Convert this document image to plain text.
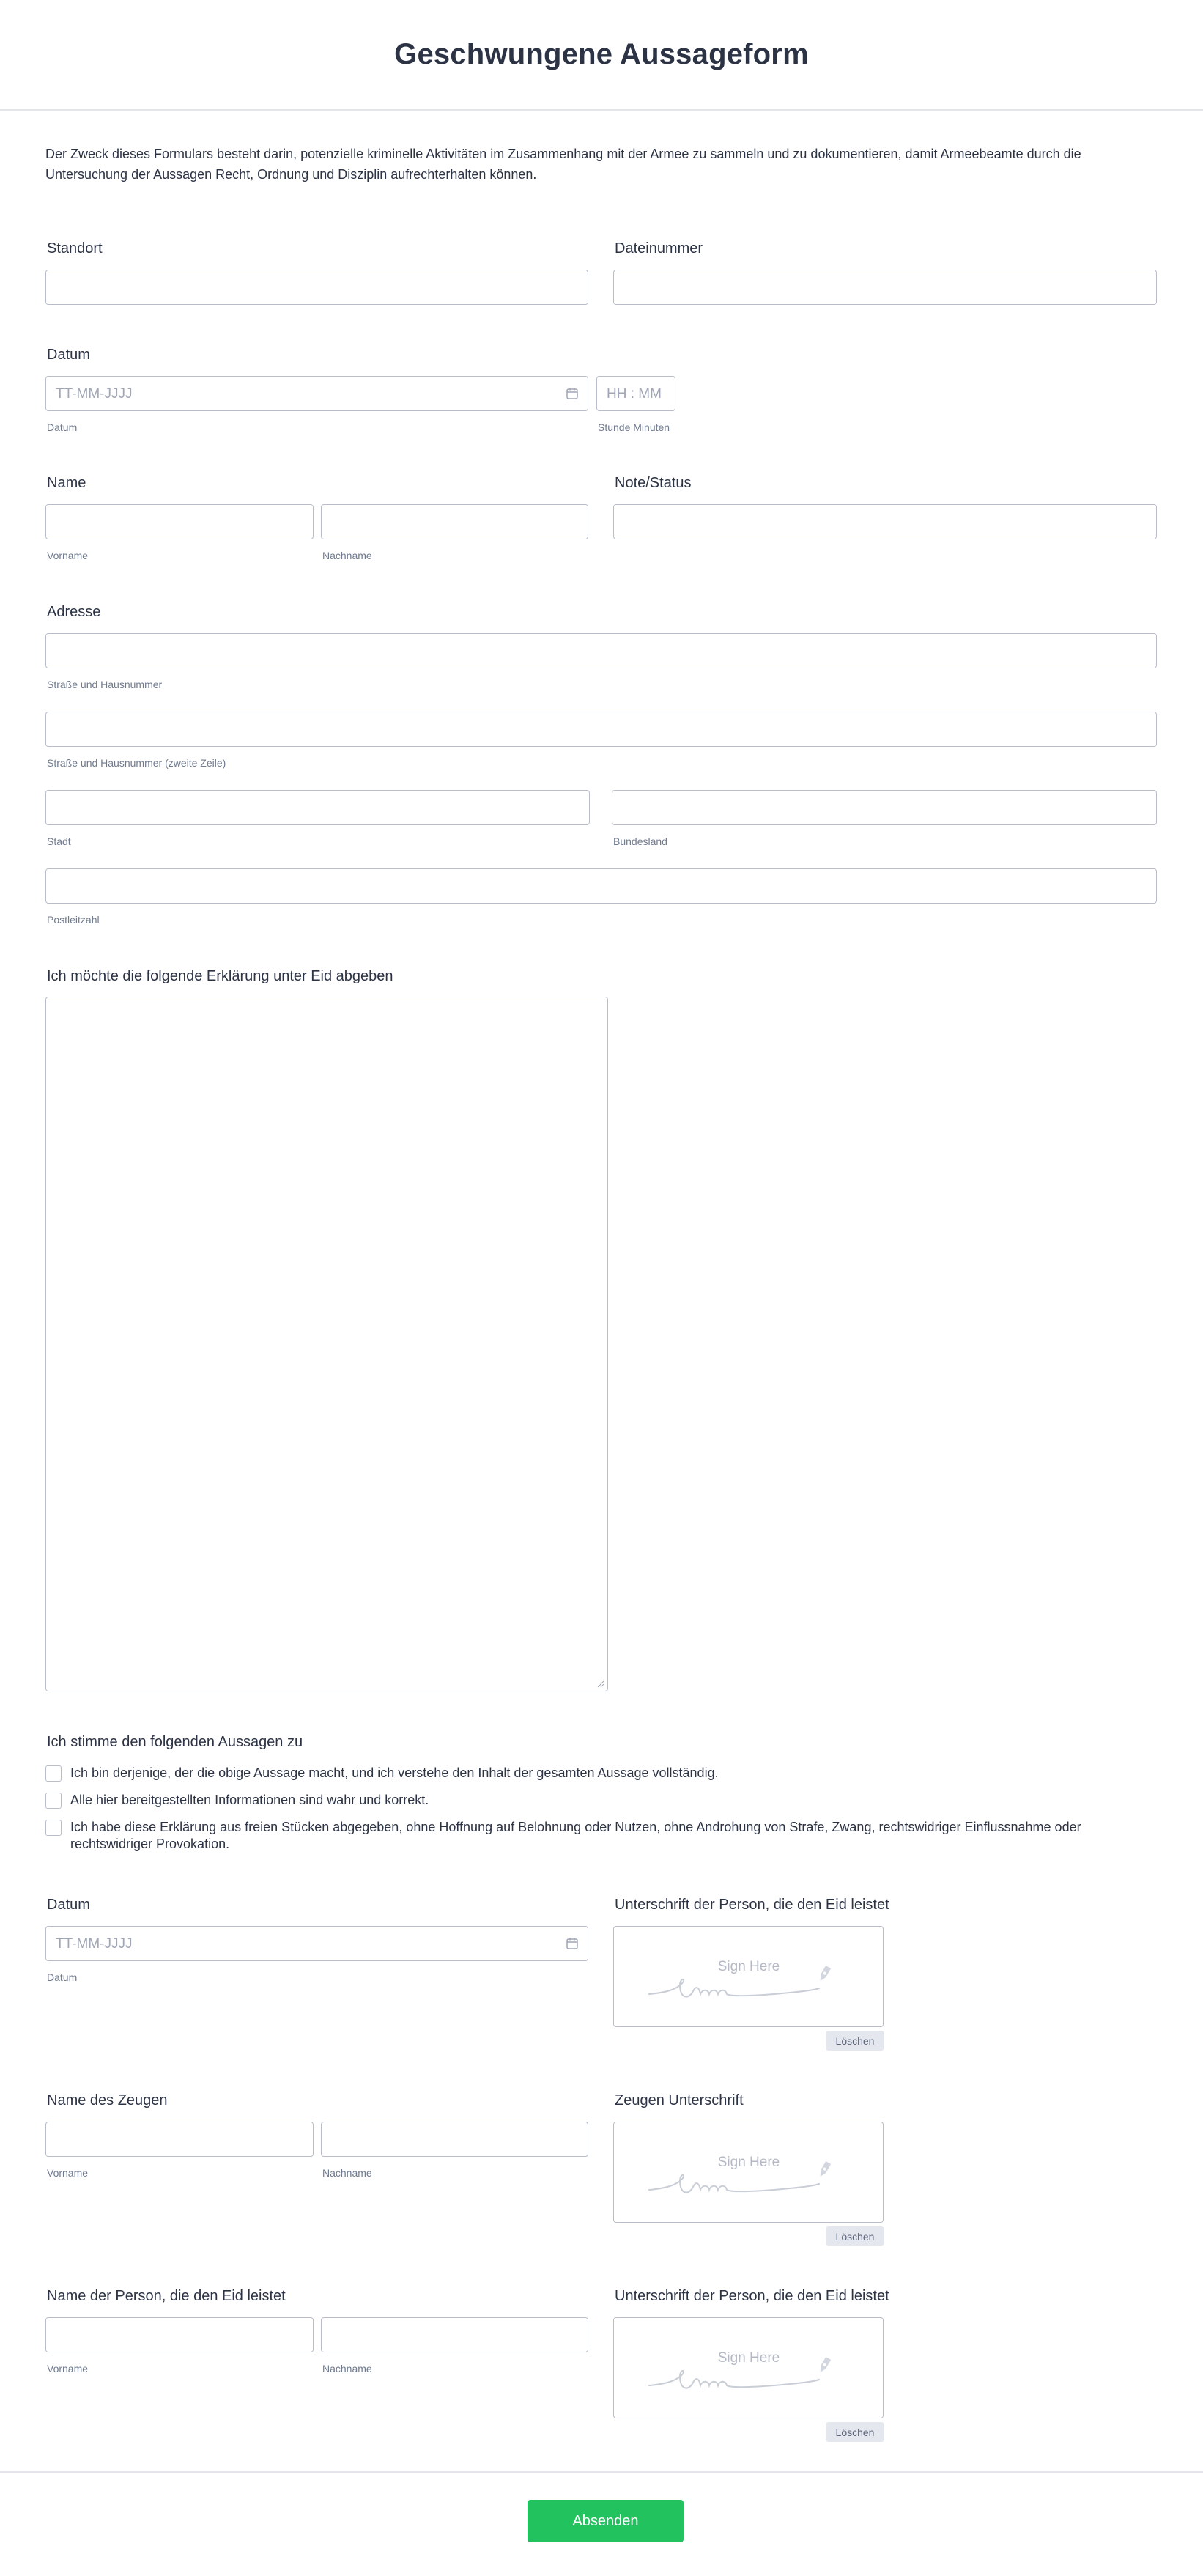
Geschwungene Aussageform

Der Zweck dieses Formulars besteht darin, potenzielle kriminelle Aktivitäten im Zusammenhang mit der Armee zu sammeln und zu dokumentieren, damit Armeebeamte durch die Untersuchung der Aussagen Recht, Ordnung und Disziplin aufrechterhalten können.

Standort	Dateinummer
Datum
TT-MM-JJJJ
Datum
HH : MM
Stunde Minuten
Name
Vorname	Nachname
Note/Status
Adresse
Straße und Hausnummer
Straße und Hausnummer (zweite Zeile)
Stadt	Bundesland
Postleitzahl
Ich möchte die folgende Erklärung unter Eid abgeben
Ich stimme den folgenden Aussagen zu
Ich bin derjenige, der die obige Aussage macht, und ich verstehe den Inhalt der gesamten Aussage vollständig.
Alle hier bereitgestellten Informationen sind wahr und korrekt.
Ich habe diese Erklärung aus freien Stücken abgegeben, ohne Hoffnung auf Belohnung oder Nutzen, ohne Androhung von Strafe, Zwang, rechtswidriger Einflussnahme oder rechtswidriger Provokation.
Datum
TT-MM-JJJJ
Datum
Unterschrift der Person, die den Eid leistet
Sign Here
Löschen
Name des Zeugen
Vorname	Nachname
Zeugen Unterschrift
Sign Here
Löschen
Name der Person, die den Eid leistet
Vorname	Nachname
Unterschrift der Person, die den Eid leistet
Sign Here
Löschen
Absenden
